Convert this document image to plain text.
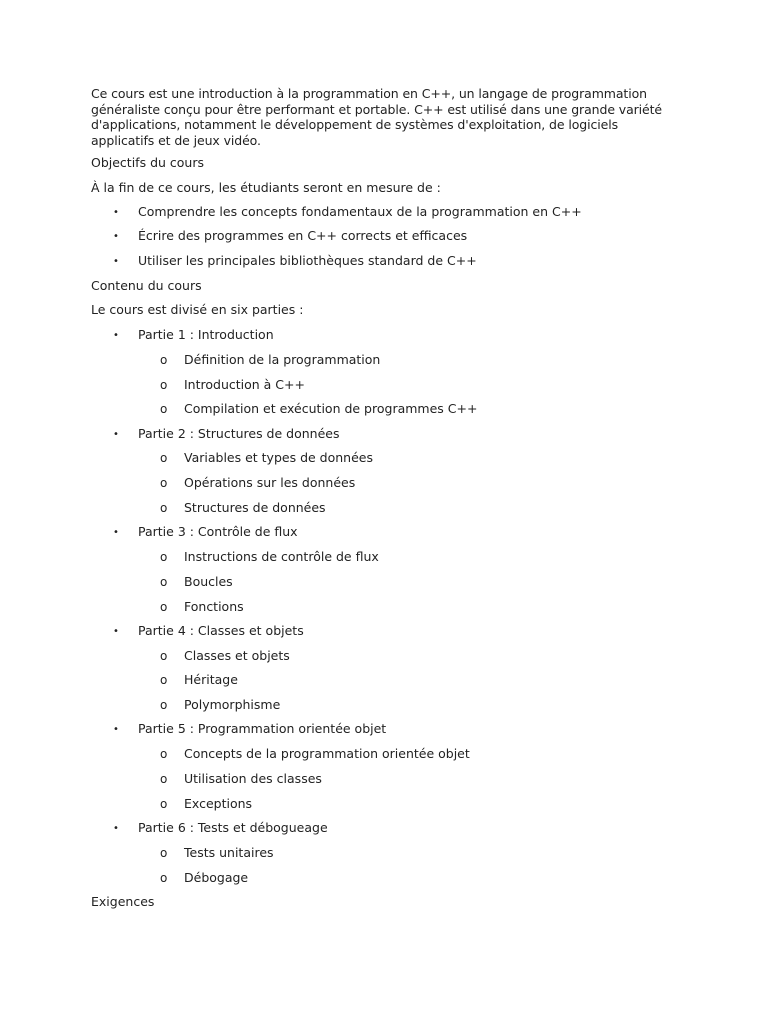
Ce cours est une introduction à la programmation en C++, un langage de programmation généraliste conçu pour être performant et portable. C++ est utilisé dans une grande variété d'applications, notamment le développement de systèmes d'exploitation, de logiciels applicatifs et de jeux vidéo.

Objectifs du cours
À la fin de ce cours, les étudiants seront en mesure de :
• Comprendre les concepts fondamentaux de la programmation en C++
• Écrire des programmes en C++ corrects et efficaces
• Utiliser les principales bibliothèques standard de C++
Contenu du cours
Le cours est divisé en six parties :
• Partie 1 : Introduction
o Définition de la programmation
o Introduction à C++
o Compilation et exécution de programmes C++
• Partie 2 : Structures de données
o Variables et types de données
o Opérations sur les données
o Structures de données
• Partie 3 : Contrôle de flux
o Instructions de contrôle de flux
o Boucles
o Fonctions
• Partie 4 : Classes et objets
o Classes et objets
o Héritage
o Polymorphisme
• Partie 5 : Programmation orientée objet
o Concepts de la programmation orientée objet
o Utilisation des classes
o Exceptions
• Partie 6 : Tests et débogueage
o Tests unitaires
o Débogage
Exigences
